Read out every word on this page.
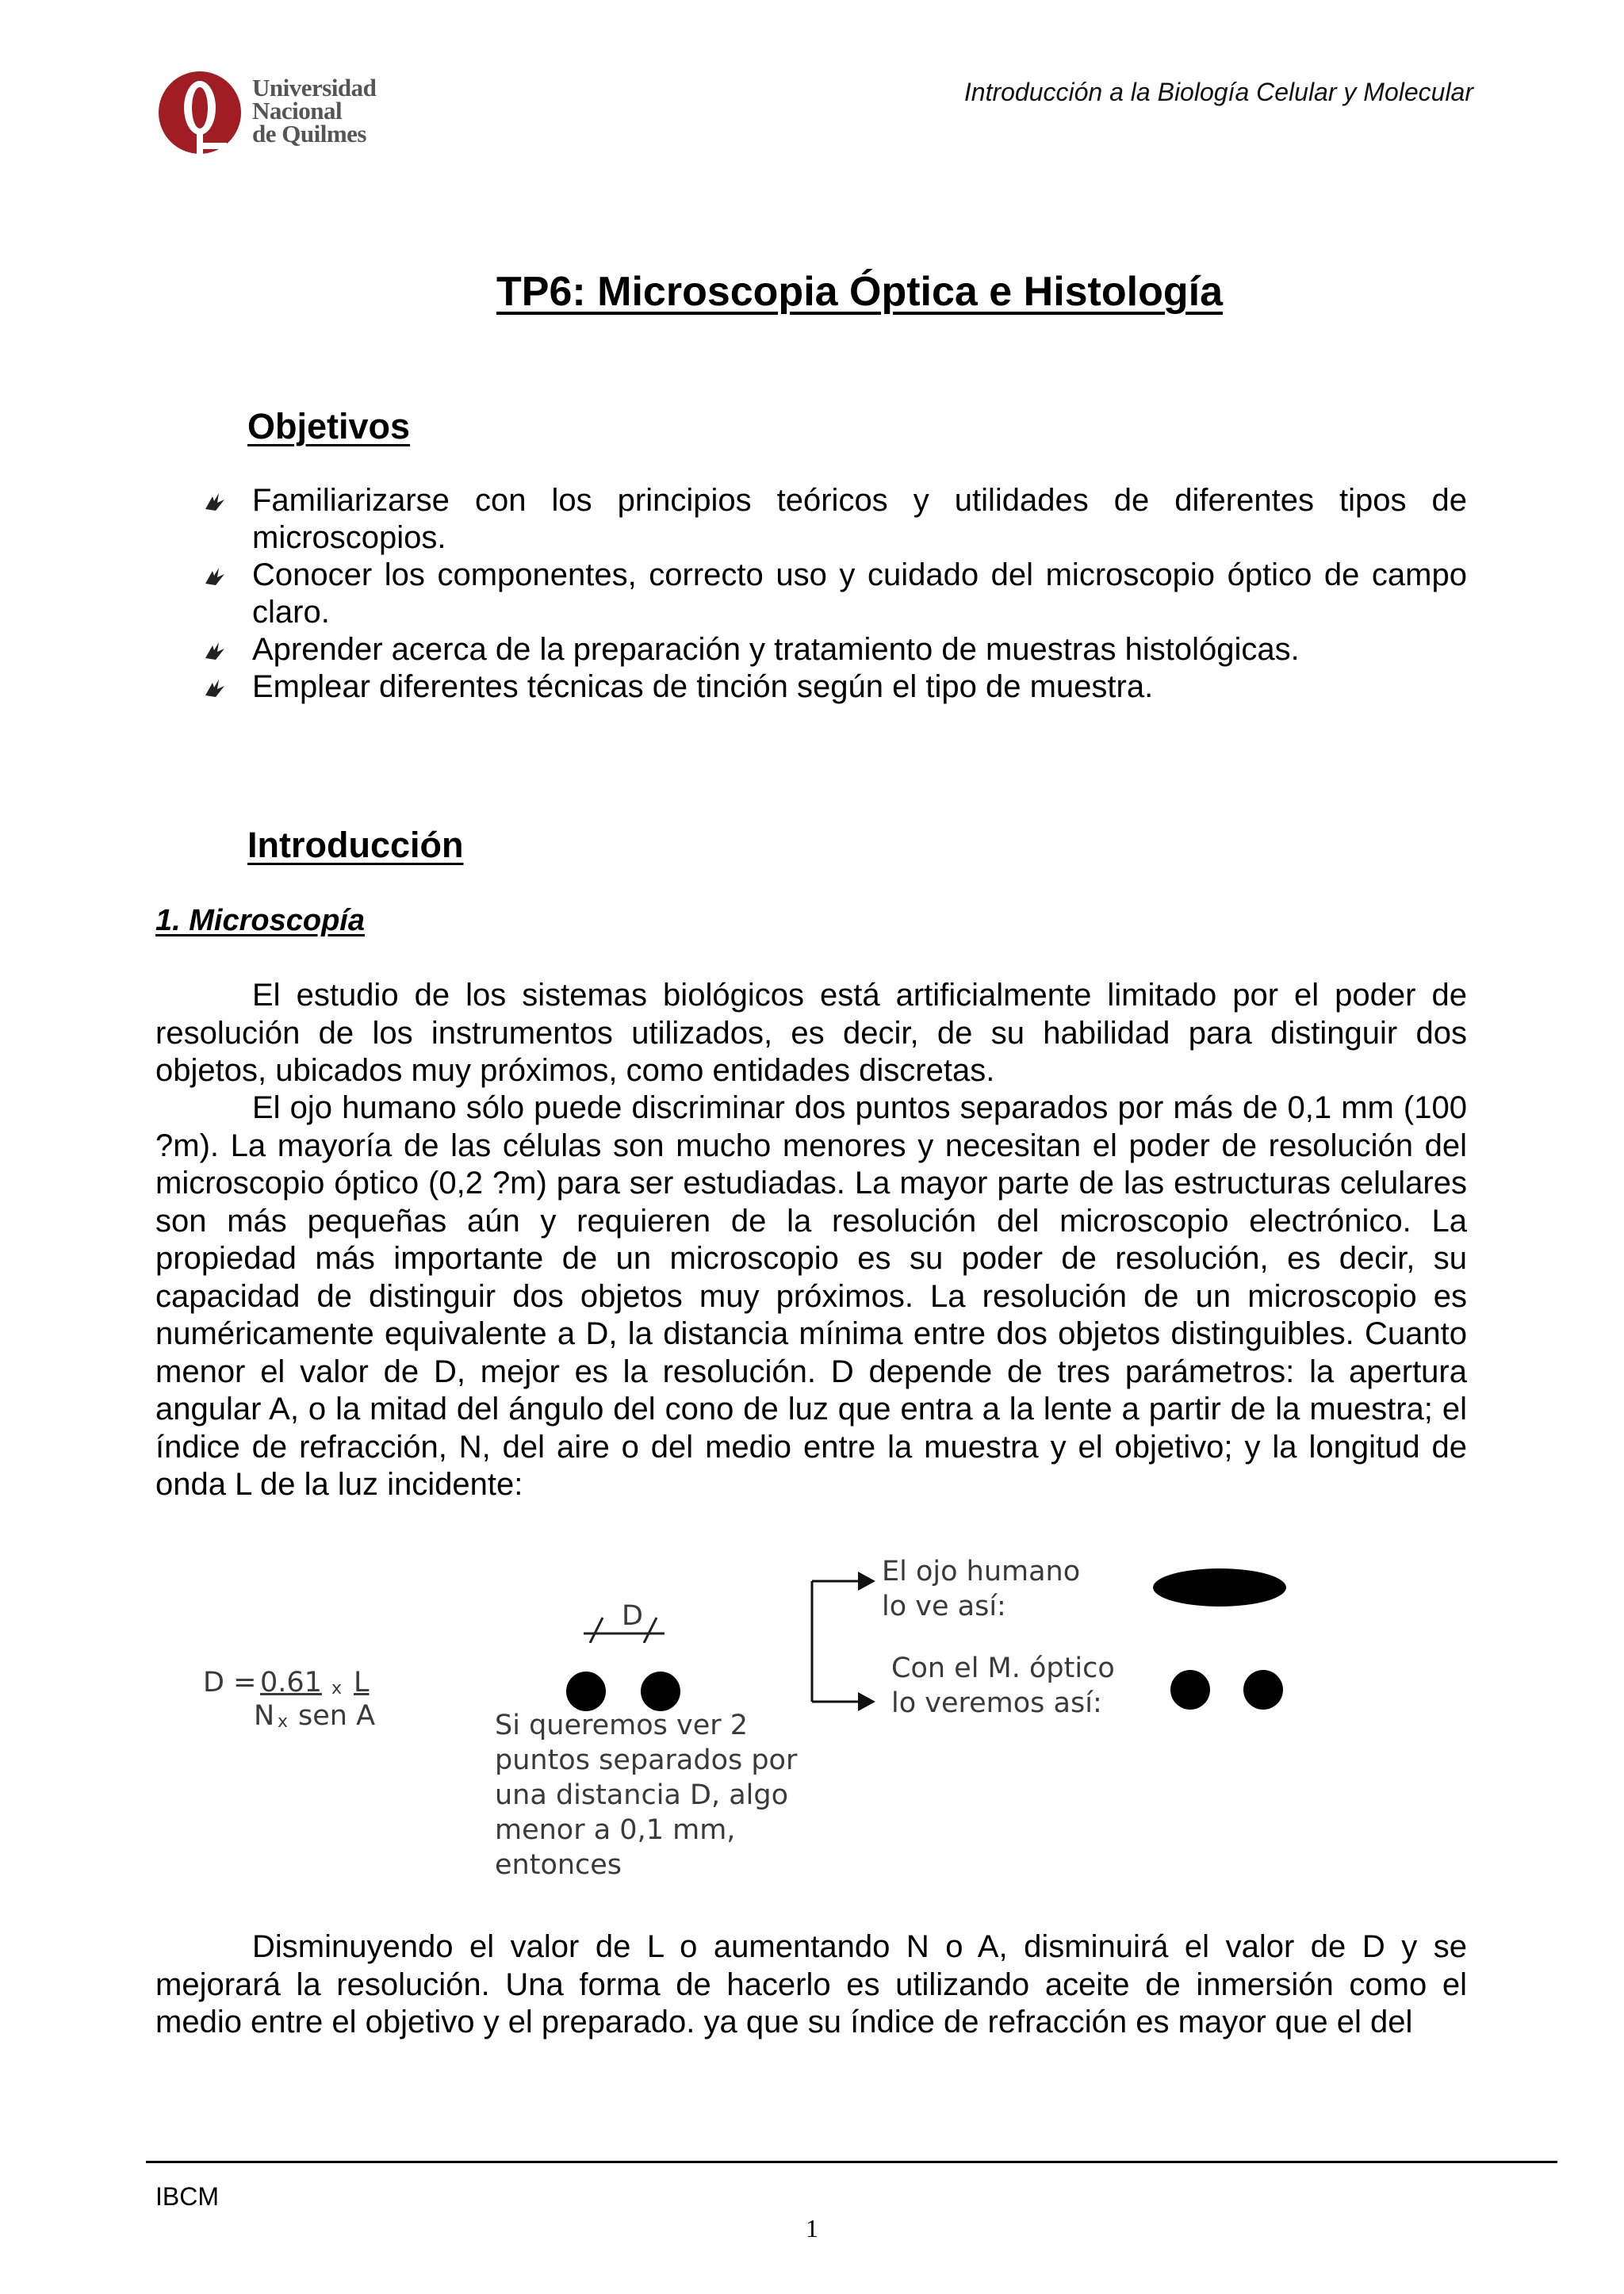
Universidad
Nacional
de Quilmes
Introducción a la Biología Celular y Molecular
TP6: Microscopia Óptica e Histología
Objetivos
Familiarizarse con los principios teóricos y utilidades de diferentes tipos de microscopios.
Conocer los componentes, correcto uso y cuidado del microscopio óptico de campo claro.
Aprender acerca de la preparación y tratamiento de muestras histológicas.
Emplear diferentes técnicas de tinción según el tipo de muestra.
Introducción
1. Microscopía

El estudio de los sistemas biológicos está artificialmente limitado por el poder de resolución de los instrumentos utilizados, es decir, de su habilidad para distinguir dos objetos, ubicados muy próximos, como entidades discretas.

El ojo humano sólo puede discriminar dos puntos separados por más de 0,1 mm (100 ?m). La mayoría de las células son mucho menores y necesitan el poder de resolución del microscopio óptico (0,2 ?m) para ser estudiadas. La mayor parte de las estructuras celulares son más pequeñas aún y requieren de la resolución del microscopio electrónico. La propiedad más importante de un microscopio es su poder de resolución, es decir, su capacidad de distinguir dos objetos muy próximos. La resolución de un microscopio es numéricamente equivalente a D, la distancia mínima entre dos objetos distinguibles. Cuanto menor el valor de D, mejor es la resolución. D depende de tres parámetros: la apertura angular A, o la mitad del ángulo del cono de luz que entra a la lente a partir de la muestra; el índice de refracción, N, del aire o del medio entre la muestra y el objetivo; y la longitud de onda L de la luz incidente:

D =
0.61 x L
N x sen A
D
Si queremos ver 2
puntos separados por
una distancia D, algo
menor a 0,1 mm,
entonces
El ojo humano
lo ve así:
Con el M. óptico
lo veremos así:

Disminuyendo el valor de L o aumentando N o A, disminuirá el valor de D y se mejorará la resolución. Una forma de hacerlo es utilizando aceite de inmersión como el medio entre el objetivo y el preparado. ya que su índice de refracción es mayor que el del

IBCM
1
